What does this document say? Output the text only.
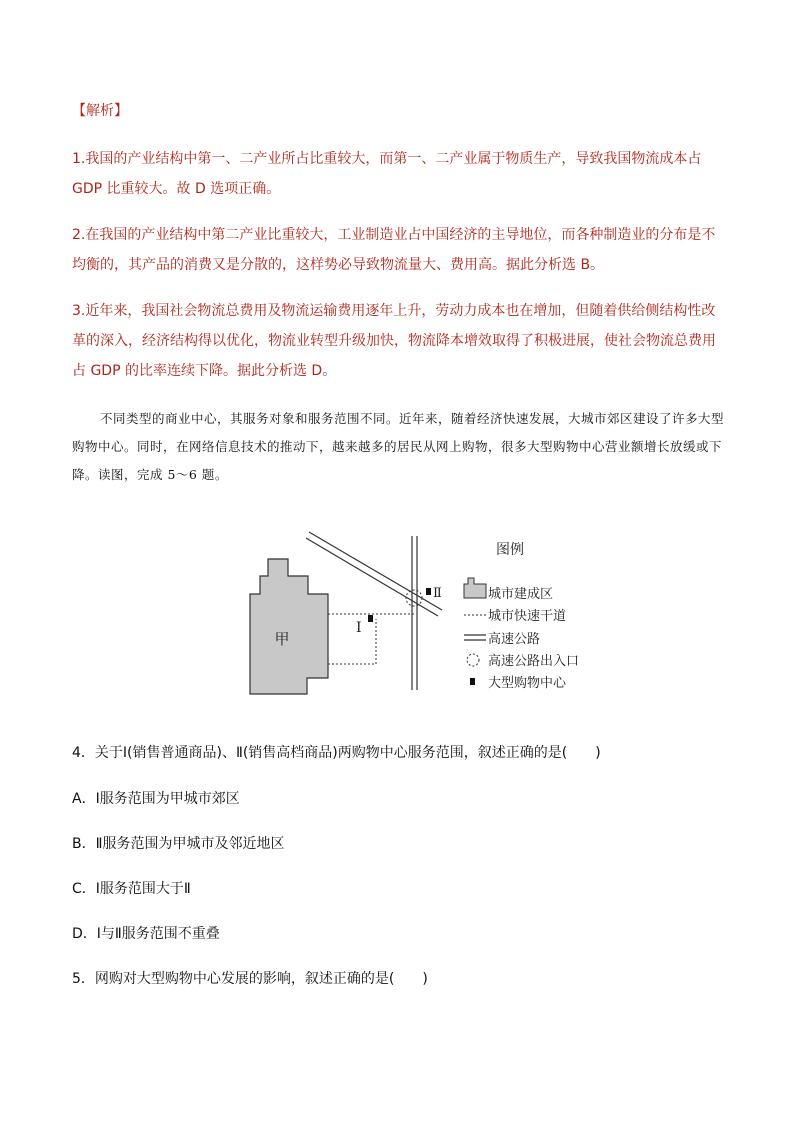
【解析】
1.我国的产业结构中第一、二产业所占比重较大，而第一、二产业属于物质生产，导致我国物流成本占 GDP 比重较大。故 D 选项正确。
2.在我国的产业结构中第二产业比重较大，工业制造业占中国经济的主导地位，而各种制造业的分布是不均衡的，其产品的消费又是分散的，这样势必导致物流量大、费用高。据此分析选 B。
3.近年来，我国社会物流总费用及物流运输费用逐年上升，劳动力成本也在增加，但随着供给侧结构性改革的深入，经济结构得以优化，物流业转型升级加快，物流降本增效取得了积极进展，使社会物流总费用占 GDP 的比率连续下降。据此分析选 D。
不同类型的商业中心，其服务对象和服务范围不同。近年来，随着经济快速发展，大城市郊区建设了许多大型购物中心。同时，在网络信息技术的推动下，越来越多的居民从网上购物，很多大型购物中心营业额增长放缓或下降。读图，完成 5～6 题。
甲
Ⅱ
Ⅰ
图例
城市建成区
城市快速干道
高速公路
高速公路出入口
大型购物中心
4．关于Ⅰ(销售普通商品)、Ⅱ(销售高档商品)两购物中心服务范围，叙述正确的是(　　)
A．Ⅰ服务范围为甲城市郊区
B．Ⅱ服务范围为甲城市及邻近地区
C．Ⅰ服务范围大于Ⅱ
D．Ⅰ与Ⅱ服务范围不重叠
5．网购对大型购物中心发展的影响，叙述正确的是(　　)
